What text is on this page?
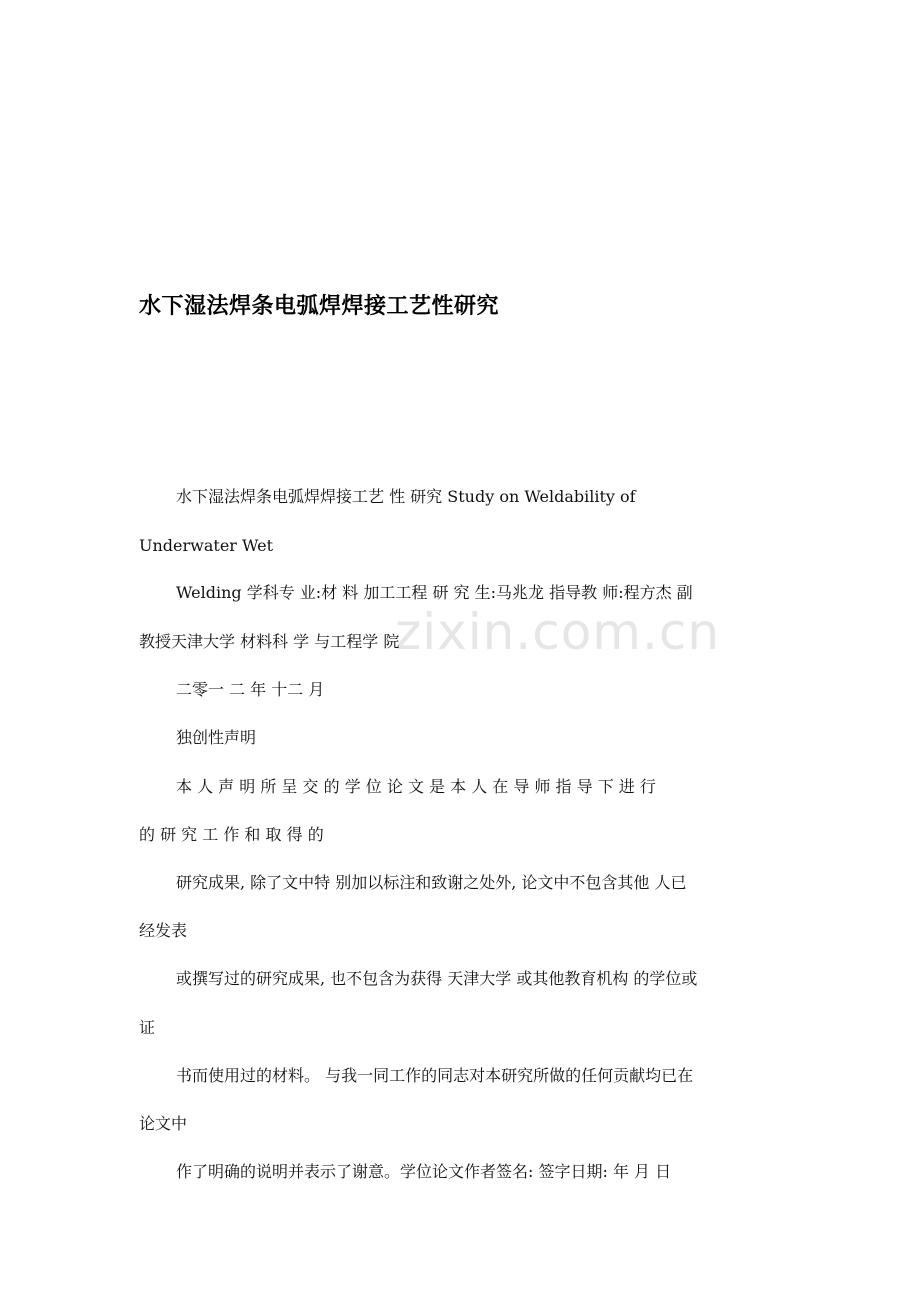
zixin.com.cn
水下湿法焊条电弧焊焊接工艺性研究
水下湿法焊条电弧焊焊接工艺 性 研究 Study on Weldability of
Underwater Wet
Welding 学科专 业:材 料 加工工程 研 究 生:马兆龙 指导教 师:程方杰 副
教授天津大学 材料科 学 与工程学 院
二零一 二 年 十二 月
独创性声明
本 人 声 明 所 呈 交 的 学 位 论 文 是 本 人 在 导 师 指 导 下 进 行
的 研 究 工 作 和 取 得 的
研究成果, 除了文中特 别加以标注和致谢之处外, 论文中不包含其他 人已
经发表
或撰写过的研究成果, 也不包含为获得 天津大学 或其他教育机构 的学位或
证
书而使用过的材料。 与我一同工作的同志对本研究所做的任何贡献均已在
论文中
作了明确的说明并表示了谢意。学位论文作者签名: 签字日期: 年 月 日
